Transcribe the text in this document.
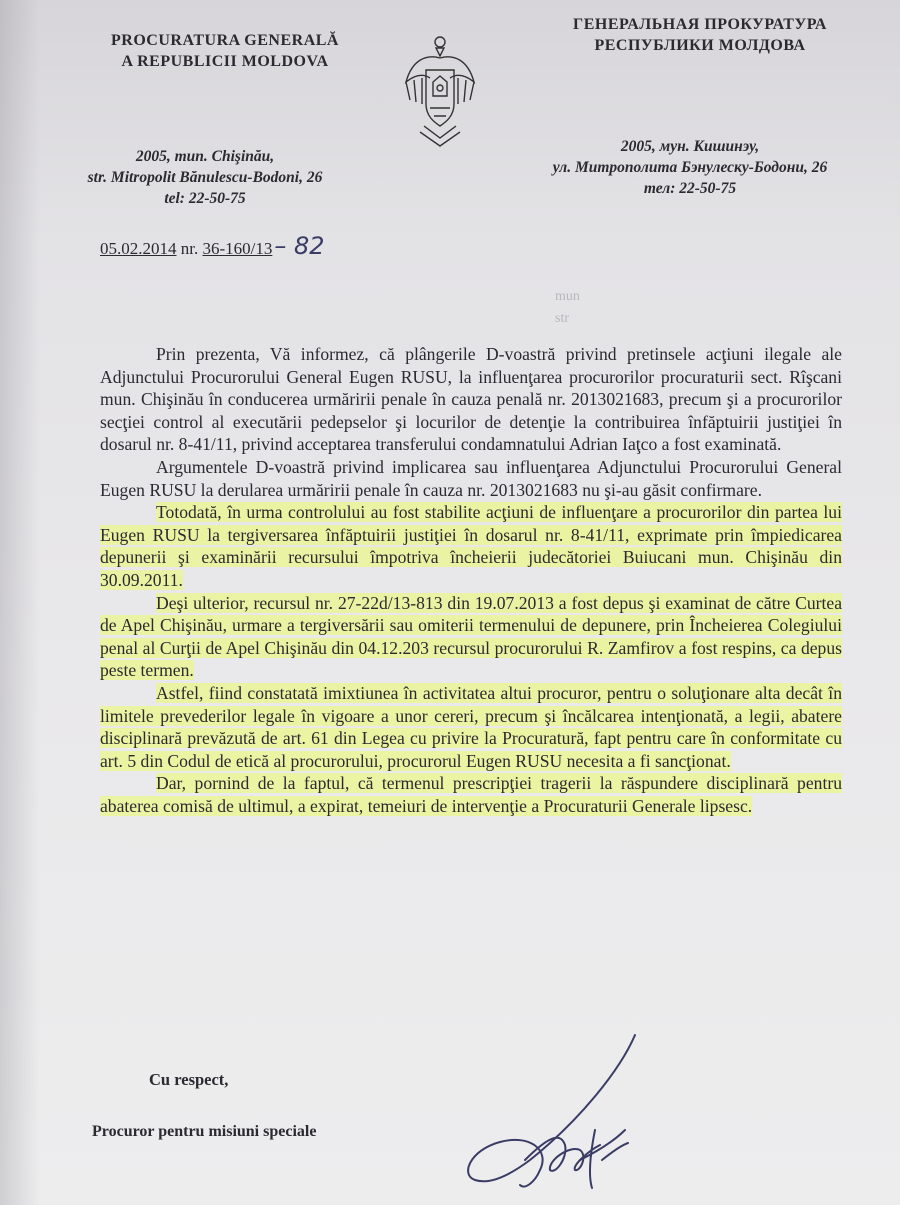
PROCURATURA GENERALĂ
A REPUBLICII MOLDOVA
ГЕНЕРАЛЬНАЯ ПРОКУРАТУРА
РЕСПУБЛИКИ МОЛДОВА
2005, mun. Chişinău,
str. Mitropolit Bănulescu-Bodoni, 26
tel: 22-50-75
2005, мун. Кишинэу,
ул. Митрополита Бэнулеску-Бодони, 26
тел: 22-50-75
05.02.2014 nr. 36-160/13– 82
mun
str

Prin prezenta, Vă informez, că plângerile D-voastră privind pretinsele acţiuni ilegale ale Adjunctului Procurorului General Eugen RUSU, la influenţarea procurorilor procuraturii sect. Rîşcani mun. Chişinău în conducerea urmăririi penale în cauza penală nr. 2013021683, precum şi a procurorilor secţiei control al executării pedepselor şi locurilor de detenţie la contribuirea înfăptuirii justiţiei în dosarul nr. 8-41/11, privind acceptarea transferului condamnatului Adrian Iaţco a fost examinată.

Argumentele D-voastră privind implicarea sau influenţarea Adjunctului Procurorului General Eugen RUSU la derularea urmăririi penale în cauza nr. 2013021683 nu şi-au găsit confirmare.

Totodată, în urma controlului au fost stabilite acţiuni de influenţare a procurorilor din partea lui Eugen RUSU la tergiversarea înfăptuirii justiţiei în dosarul nr. 8-41/11, exprimate prin împiedicarea depunerii şi examinării recursului împotriva încheierii judecătoriei Buiucani mun. Chişinău din 30.09.2011.

Deşi ulterior, recursul nr. 27-22d/13-813 din 19.07.2013 a fost depus şi examinat de către Curtea de Apel Chişinău, urmare a tergiversării sau omiterii termenului de depunere, prin Încheierea Colegiului penal al Curţii de Apel Chişinău din 04.12.203 recursul procurorului R. Zamfirov a fost respins, ca depus peste termen.

Astfel, fiind constatată imixtiunea în activitatea altui procuror, pentru o soluţionare alta decât în limitele prevederilor legale în vigoare a unor cereri, precum şi încălcarea intenţionată, a legii, abatere disciplinară prevăzută de art. 61 din Legea cu privire la Procuratură, fapt pentru care în conformitate cu art. 5 din Codul de etică al procurorului, procurorul Eugen RUSU necesita a fi sancţionat.

Dar, pornind de la faptul, că termenul prescripţiei tragerii la răspundere disciplinară pentru abaterea comisă de ultimul, a expirat, temeiuri de intervenţie a Procuraturii Generale lipsesc.

Cu respect,
Procuror pentru misiuni speciale
